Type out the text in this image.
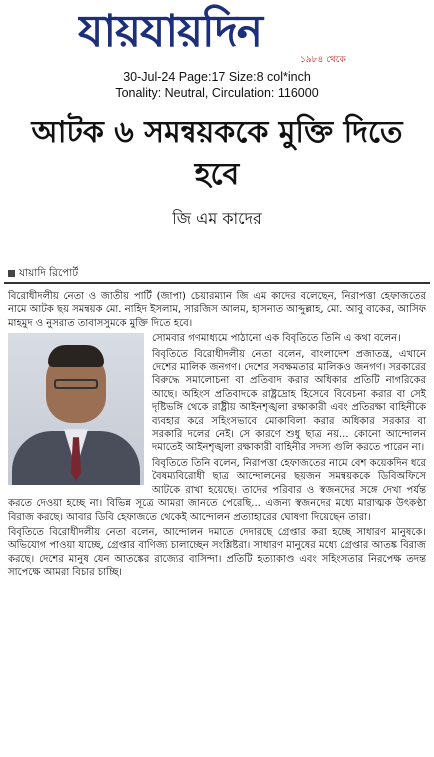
যায়যায়দিন
১৯৮৪ থেকে
30-Jul-24 Page:17 Size:8 col*inch
Tonality: Neutral, Circulation: 116000
আটক ৬ সমন্বয়ককে মুক্তি দিতে হবে
জি এম কাদের
যায়াদি রিপোর্ট

বিরোধীদলীয় নেতা ও জাতীয় পার্টি (জাপা) চেয়ারম্যান জি এম কাদের বলেছেন, নিরাপত্তা হেফাজতের নামে আটক ছয় সমন্বয়ক মো. নাহিদ ইসলাম, সারজিস আলম, হাসনাত আব্দুল্লাহ, মো. আবু বাকের, আসিফ মাহমুদ ও নুসরাত তাবাসসুমকে মুক্তি দিতে হবে।

সোমবার গণমাধ্যমে পাঠানো এক বিবৃতিতে তিনি এ কথা বলেন।

বিবৃতিতে বিরোধীদলীয় নেতা বলেন, বাংলাদেশ প্রজাতন্ত্র, এখানে দেশের মালিক জনগণ। দেশের সবক্ষমতার মালিকও জনগণ। সরকারের বিরুদ্ধে সমালোচনা বা প্রতিবাদ করার অধিকার প্রতিটি নাগরিকের আছে। অহিংস প্রতিবাদকে রাষ্ট্রদ্রোহ হিসেবে বিবেচনা করার বা সেই দৃষ্টিভঙ্গি থেকে রাষ্ট্রীয় আইনশৃঙ্খলা রক্ষাকারী এবং প্রতিরক্ষা বাহিনীকে ব্যবহার করে সহিংসভাবে মোকাবিলা করার অধিকার সরকার বা সরকারি দলের নেই। সে কারণে শুধু ছাত্র নয়... কোনো আন্দোলন দমাতেই আইনশৃঙ্খলা রক্ষাকারী বাহিনীর সদস্য গুলি করতে পারেন না।

বিবৃতিতে তিনি বলেন, নিরাপত্তা হেফাজতের নামে বেশ কয়েকদিন ধরে বৈষম্যবিরোধী ছাত্র আন্দোলনের ছয়জন সমন্বয়ককে ডিবিঅফিসে আটকে রাখা হয়েছে। তাদের পরিবার ও স্বজনদের সঙ্গে দেখা পর্যন্ত করতে দেওয়া হচ্ছে না। বিভিন্ন সূত্রে আমরা জানতে পেরেছি... এজন্য স্বজনদের মধ্যে মারাত্মক উৎকণ্ঠা বিরাজ করছে। আবার ডিবি হেফাজতে থেকেই আন্দোলন প্রত্যাহারের ঘোষণা দিয়েছেন তারা।

বিবৃতিতে বিরোধীদলীয় নেতা বলেন, আন্দোলন দমাতে দেদারছে গ্রেপ্তার করা হচ্ছে সাধারণ মানুষকে। অভিযোগ পাওয়া যাচ্ছে, গ্রেপ্তার বাণিজ্য চালাচ্ছেন সংশ্লিষ্টরা। সাধারণ মানুষের মধ্যে গ্রেপ্তার আতঙ্ক বিরাজ করছে। দেশের মানুষ যেন আতঙ্কের রাজ্যের বাসিন্দা। প্রতিটি হত্যাকাণ্ড এবং সহিংসতার নিরপেক্ষ তদন্ত সাপেক্ষে আমরা বিচার চাচ্ছি।
